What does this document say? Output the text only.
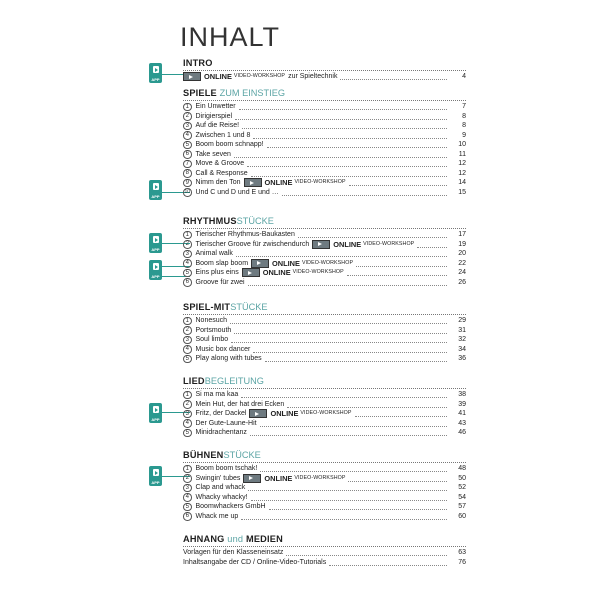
INHALT
APP
APP
APP
APP
APP
APP
INTRO
ONLINE VIDEO-WORKSHOP zur Spieltechnik	4
SPIELE ZUM EINSTIEG
1 Ein Unwetter	7
2 Dirigierspiel	8
3 Auf die Reise!	8
4 Zwischen 1 und 8	9
5 Boom boom schnapp!	10
6 Take seven	11
7 Move & Groove	12
8 Call & Response	12
9 Nimm den Ton	ONLINE VIDEO-WORKSHOP	14
10 Und C und D und E und …	15
RHYTHMUSSTÜCKE
1 Tierischer Rhythmus-Baukasten	17
2 Tierischer Groove für zwischendurch	ONLINE VIDEO-WORKSHOP	19
3 Animal walk	20
4 Boom slap boom	ONLINE VIDEO-WORKSHOP	22
5 Eins plus eins	ONLINE VIDEO-WORKSHOP	24
6 Groove für zwei	26
SPIEL-MITSTÜCKE
1 Nonesuch	29
2 Portsmouth	31
3 Soul limbo	32
4 Music box dancer	34
5 Play along with tubes	36
LIEDBEGLEITUNG
1 Si ma ma kaa	38
2 Mein Hut, der hat drei Ecken	39
3 Fritz, der Dackel	ONLINE VIDEO-WORKSHOP	41
4 Der Gute-Laune-Hit	43
5 Minidrachentanz	46
BÜHNENSTÜCKE
1 Boom boom tschak!	48
2 Swingin' tubes	ONLINE VIDEO-WORKSHOP	50
3 Clap and whack	52
4 Whacky whacky!	54
5 Boomwhackers GmbH	57
6 Whack me up	60
AHNANG und MEDIEN
Vorlagen für den Klasseneinsatz	63
Inhaltsangabe der CD / Online-Video-Tutorials	76
